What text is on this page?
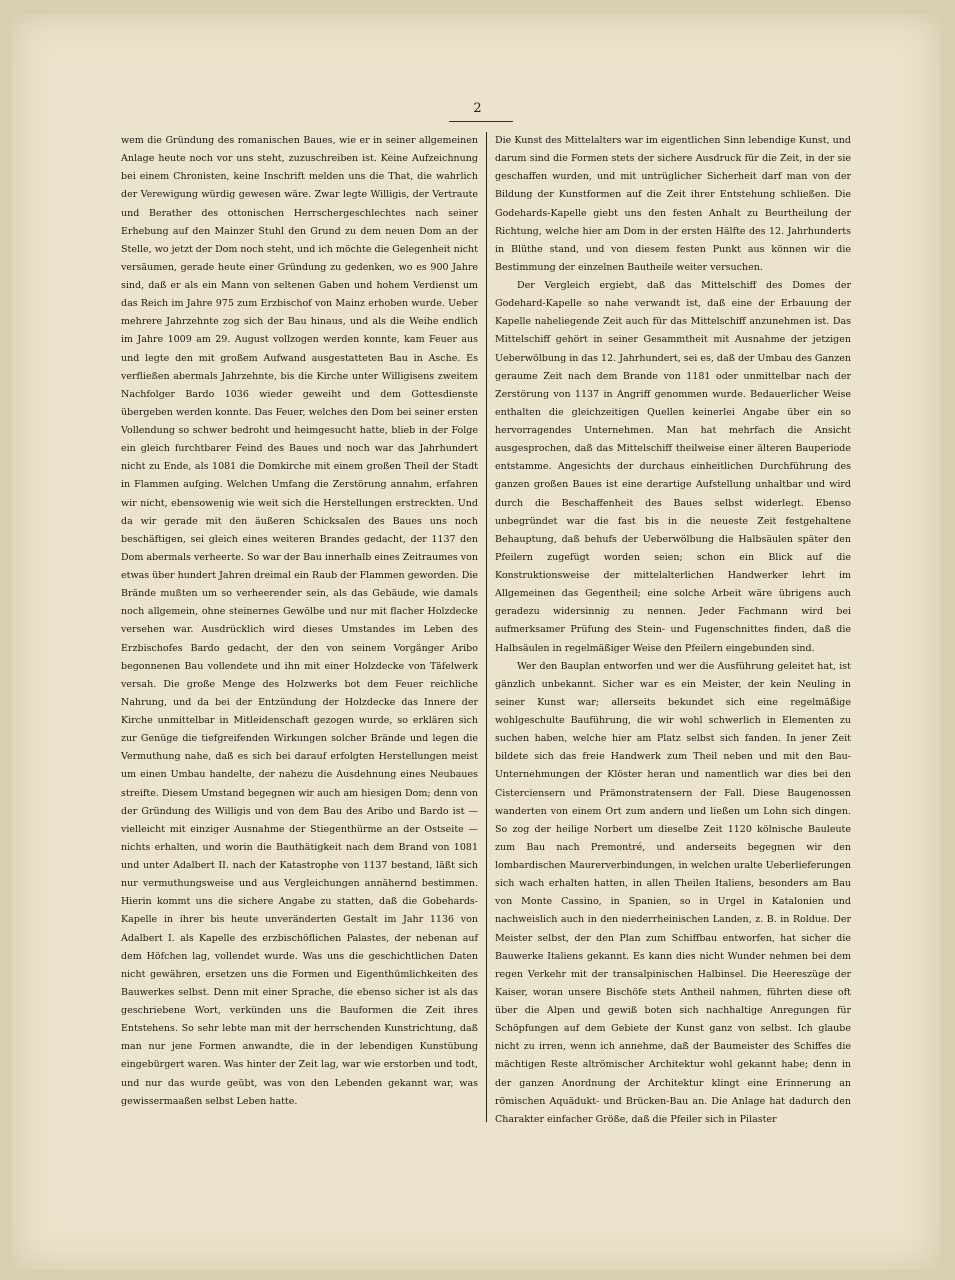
2

wem die Gründung des romanischen Baues, wie er in seiner allgemeinen Anlage heute noch vor uns steht, zuzuschreiben ist. Keine Aufzeichnung bei einem Chronisten, keine Inschrift melden uns die That, die wahrlich der Verewigung würdig gewesen wäre. Zwar legte Willigis, der Vertraute und Berather des ottonischen Herrschergeschlechtes nach seiner Erhebung auf den Mainzer Stuhl den Grund zu dem neuen Dom an der Stelle, wo jetzt der Dom noch steht, und ich möchte die Gelegenheit nicht versäumen, gerade heute einer Gründung zu gedenken, wo es 900 Jahre sind, daß er als ein Mann von seltenen Gaben und hohem Verdienst um das Reich im Jahre 975 zum Erzbischof von Mainz erhoben wurde. Ueber mehrere Jahrzehnte zog sich der Bau hinaus, und als die Weihe endlich im Jahre 1009 am 29. August vollzogen werden konnte, kam Feuer aus und legte den mit großem Aufwand ausgestatteten Bau in Asche. Es verfließen abermals Jahrzehnte, bis die Kirche unter Willigisens zweitem Nachfolger Bardo 1036 wieder geweiht und dem Gottesdienste übergeben werden konnte. Das Feuer, welches den Dom bei seiner ersten Vollendung so schwer bedroht und heimgesucht hatte, blieb in der Folge ein gleich furchtbarer Feind des Baues und noch war das Jahrhundert nicht zu Ende, als 1081 die Domkirche mit einem großen Theil der Stadt in Flammen aufging. Welchen Umfang die Zerstörung annahm, erfahren wir nicht, ebensowenig wie weit sich die Herstellungen erstreckten. Und da wir gerade mit den äußeren Schicksalen des Baues uns noch beschäftigen, sei gleich eines weiteren Brandes gedacht, der 1137 den Dom abermals verheerte. So war der Bau innerhalb eines Zeitraumes von etwas über hundert Jahren dreimal ein Raub der Flammen geworden. Die Brände mußten um so verheerender sein, als das Gebäude, wie damals noch allgemein, ohne steinernes Gewölbe und nur mit flacher Holzdecke versehen war. Ausdrücklich wird dieses Umstandes im Leben des Erzbischofes Bardo gedacht, der den von seinem Vorgänger Aribo begonnenen Bau vollendete und ihn mit einer Holzdecke von Täfelwerk versah. Die große Menge des Holzwerks bot dem Feuer reichliche Nahrung, und da bei der Entzündung der Holzdecke das Innere der Kirche unmittelbar in Mitleidenschaft gezogen wurde, so erklären sich zur Genüge die tiefgreifenden Wirkungen solcher Brände und legen die Vermuthung nahe, daß es sich bei darauf erfolgten Herstellungen meist um einen Umbau handelte, der nahezu die Ausdehnung eines Neubaues streifte. Diesem Umstand begegnen wir auch am hiesigen Dom; denn von der Gründung des Willigis und von dem Bau des Aribo und Bardo ist — vielleicht mit einziger Ausnahme der Stiegenthürme an der Ostseite — nichts erhalten, und worin die Bauthätigkeit nach dem Brand von 1081 und unter Adalbert II. nach der Katastrophe von 1137 bestand, läßt sich nur vermuthungsweise und aus Vergleichungen annähernd bestimmen. Hierin kommt uns die sichere Angabe zu statten, daß die Gobehards-Kapelle in ihrer bis heute unveränderten Gestalt im Jahr 1136 von Adalbert I. als Kapelle des erzbischöflichen Palastes, der nebenan auf dem Höfchen lag, vollendet wurde. Was uns die geschichtlichen Daten nicht gewähren, ersetzen uns die Formen und Eigenthümlichkeiten des Bauwerkes selbst. Denn mit einer Sprache, die ebenso sicher ist als das geschriebene Wort, verkünden uns die Bauformen die Zeit ihres Entstehens. So sehr lebte man mit der herrschenden Kunstrichtung, daß man nur jene Formen anwandte, die in der lebendigen Kunstübung eingebürgert waren. Was hinter der Zeit lag, war wie erstorben und todt, und nur das wurde geübt, was von den Lebenden gekannt war, was gewissermaaßen selbst Leben hatte.

Die Kunst des Mittelalters war im eigentlichen Sinn lebendige Kunst, und darum sind die Formen stets der sichere Ausdruck für die Zeit, in der sie geschaffen wurden, und mit untrüglicher Sicherheit darf man von der Bildung der Kunstformen auf die Zeit ihrer Entstehung schließen. Die Godehards-Kapelle giebt uns den festen Anhalt zu Beurtheilung der Richtung, welche hier am Dom in der ersten Hälfte des 12. Jahrhunderts in Blüthe stand, und von diesem festen Punkt aus können wir die Bestimmung der einzelnen Bautheile weiter versuchen.

Der Vergleich ergiebt, daß das Mittelschiff des Domes der Godehard-Kapelle so nahe verwandt ist, daß eine der Erbauung der Kapelle naheliegende Zeit auch für das Mittelschiff anzunehmen ist. Das Mittelschiff gehört in seiner Gesammtheit mit Ausnahme der jetzigen Ueberwölbung in das 12. Jahrhundert, sei es, daß der Umbau des Ganzen geraume Zeit nach dem Brande von 1181 oder unmittelbar nach der Zerstörung von 1137 in Angriff genommen wurde. Bedauerlicher Weise enthalten die gleichzeitigen Quellen keinerlei Angabe über ein so hervorragendes Unternehmen. Man hat mehrfach die Ansicht ausgesprochen, daß das Mittelschiff theilweise einer älteren Bauperiode entstamme. Angesichts der durchaus einheitlichen Durchführung des ganzen großen Baues ist eine derartige Aufstellung unhaltbar und wird durch die Beschaffenheit des Baues selbst widerlegt. Ebenso unbegründet war die fast bis in die neueste Zeit festgehaltene Behauptung, daß behufs der Ueberwölbung die Halbsäulen später den Pfeilern zugefügt worden seien; schon ein Blick auf die Konstruktionsweise der mittelalterlichen Handwerker lehrt im Allgemeinen das Gegentheil; eine solche Arbeit wäre übrigens auch geradezu widersinnig zu nennen. Jeder Fachmann wird bei aufmerksamer Prüfung des Stein- und Fugenschnittes finden, daß die Halbsäulen in regelmäßiger Weise den Pfeilern eingebunden sind.

Wer den Bauplan entworfen und wer die Ausführung geleitet hat, ist gänzlich unbekannt. Sicher war es ein Meister, der kein Neuling in seiner Kunst war; allerseits bekundet sich eine regelmäßige wohlgeschulte Bauführung, die wir wohl schwerlich in Elementen zu suchen haben, welche hier am Platz selbst sich fanden. In jener Zeit bildete sich das freie Handwerk zum Theil neben und mit den Bau-Unternehmungen der Klöster heran und namentlich war dies bei den Cisterciensern und Prämonstratensern der Fall. Diese Baugenossen wanderten von einem Ort zum andern und ließen um Lohn sich dingen. So zog der heilige Norbert um dieselbe Zeit 1120 kölnische Bauleute zum Bau nach Premontré, und anderseits begegnen wir den lombardischen Maurerverbindungen, in welchen uralte Ueberlieferungen sich wach erhalten hatten, in allen Theilen Italiens, besonders am Bau von Monte Cassino, in Spanien, so in Urgel in Katalonien und nachweislich auch in den niederrheinischen Landen, z. B. in Roldue. Der Meister selbst, der den Plan zum Schiffbau entworfen, hat sicher die Bauwerke Italiens gekannt. Es kann dies nicht Wunder nehmen bei dem regen Verkehr mit der transalpinischen Halbinsel. Die Heereszüge der Kaiser, woran unsere Bischöfe stets Antheil nahmen, führten diese oft über die Alpen und gewiß boten sich nachhaltige Anregungen für Schöpfungen auf dem Gebiete der Kunst ganz von selbst. Ich glaube nicht zu irren, wenn ich annehme, daß der Baumeister des Schiffes die mächtigen Reste altrömischer Architektur wohl gekannt habe; denn in der ganzen Anordnung der Architektur klingt eine Erinnerung an römischen Aquädukt- und Brücken-Bau an. Die Anlage hat dadurch den Charakter einfacher Größe, daß die Pfeiler sich in Pilaster
